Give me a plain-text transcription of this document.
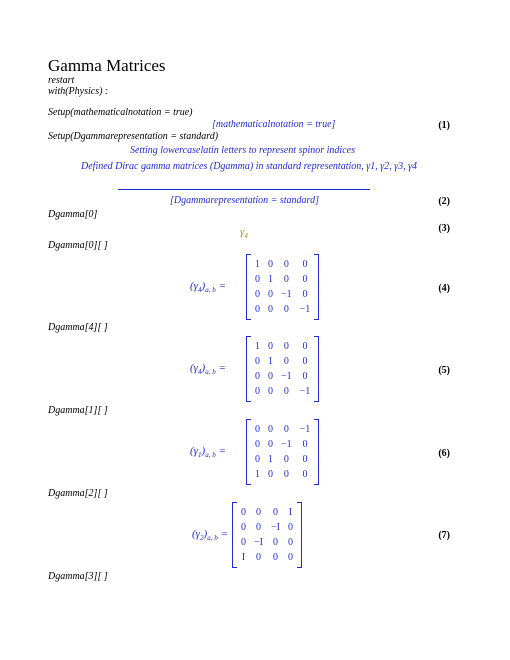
Gamma Matrices
restart
with(Physics) :
Setup(mathematicalnotation = true)
[mathematicalnotation = true]	(1)
Setup(Dgammarepresentation = standard)
Setting lowercaselatin letters to represent spinor indices
Defined Dirac gamma matrices (Dgamma) in standard representation, γ1, γ2, γ3, γ4
[Dgammarepresentation = standard]	(2)
Dgamma[0]
$\gamma_4$
(3)
Dgamma[0][ ]
$(\gamma_4)_{a, b}$ =
1	0	0	0
0	1	0	0
0	0	−1	0
0	0	0	−1
(4)
Dgamma[4][ ]
$(\gamma_4)_{a, b}$ =
1	0	0	0
0	1	0	0
0	0	−1	0
0	0	0	−1
(5)
Dgamma[1][ ]
$(\gamma_1)_{a, b}$ =
0	0	0	−1
0	0	−1	0
0	1	0	0
1	0	0	0
(6)
Dgamma[2][ ]
$(\gamma_2)_{a, b}$ =
0	0	0	I
0	0	−I	0
0	−I	0	0
I	0	0	0
(7)
Dgamma[3][ ]
